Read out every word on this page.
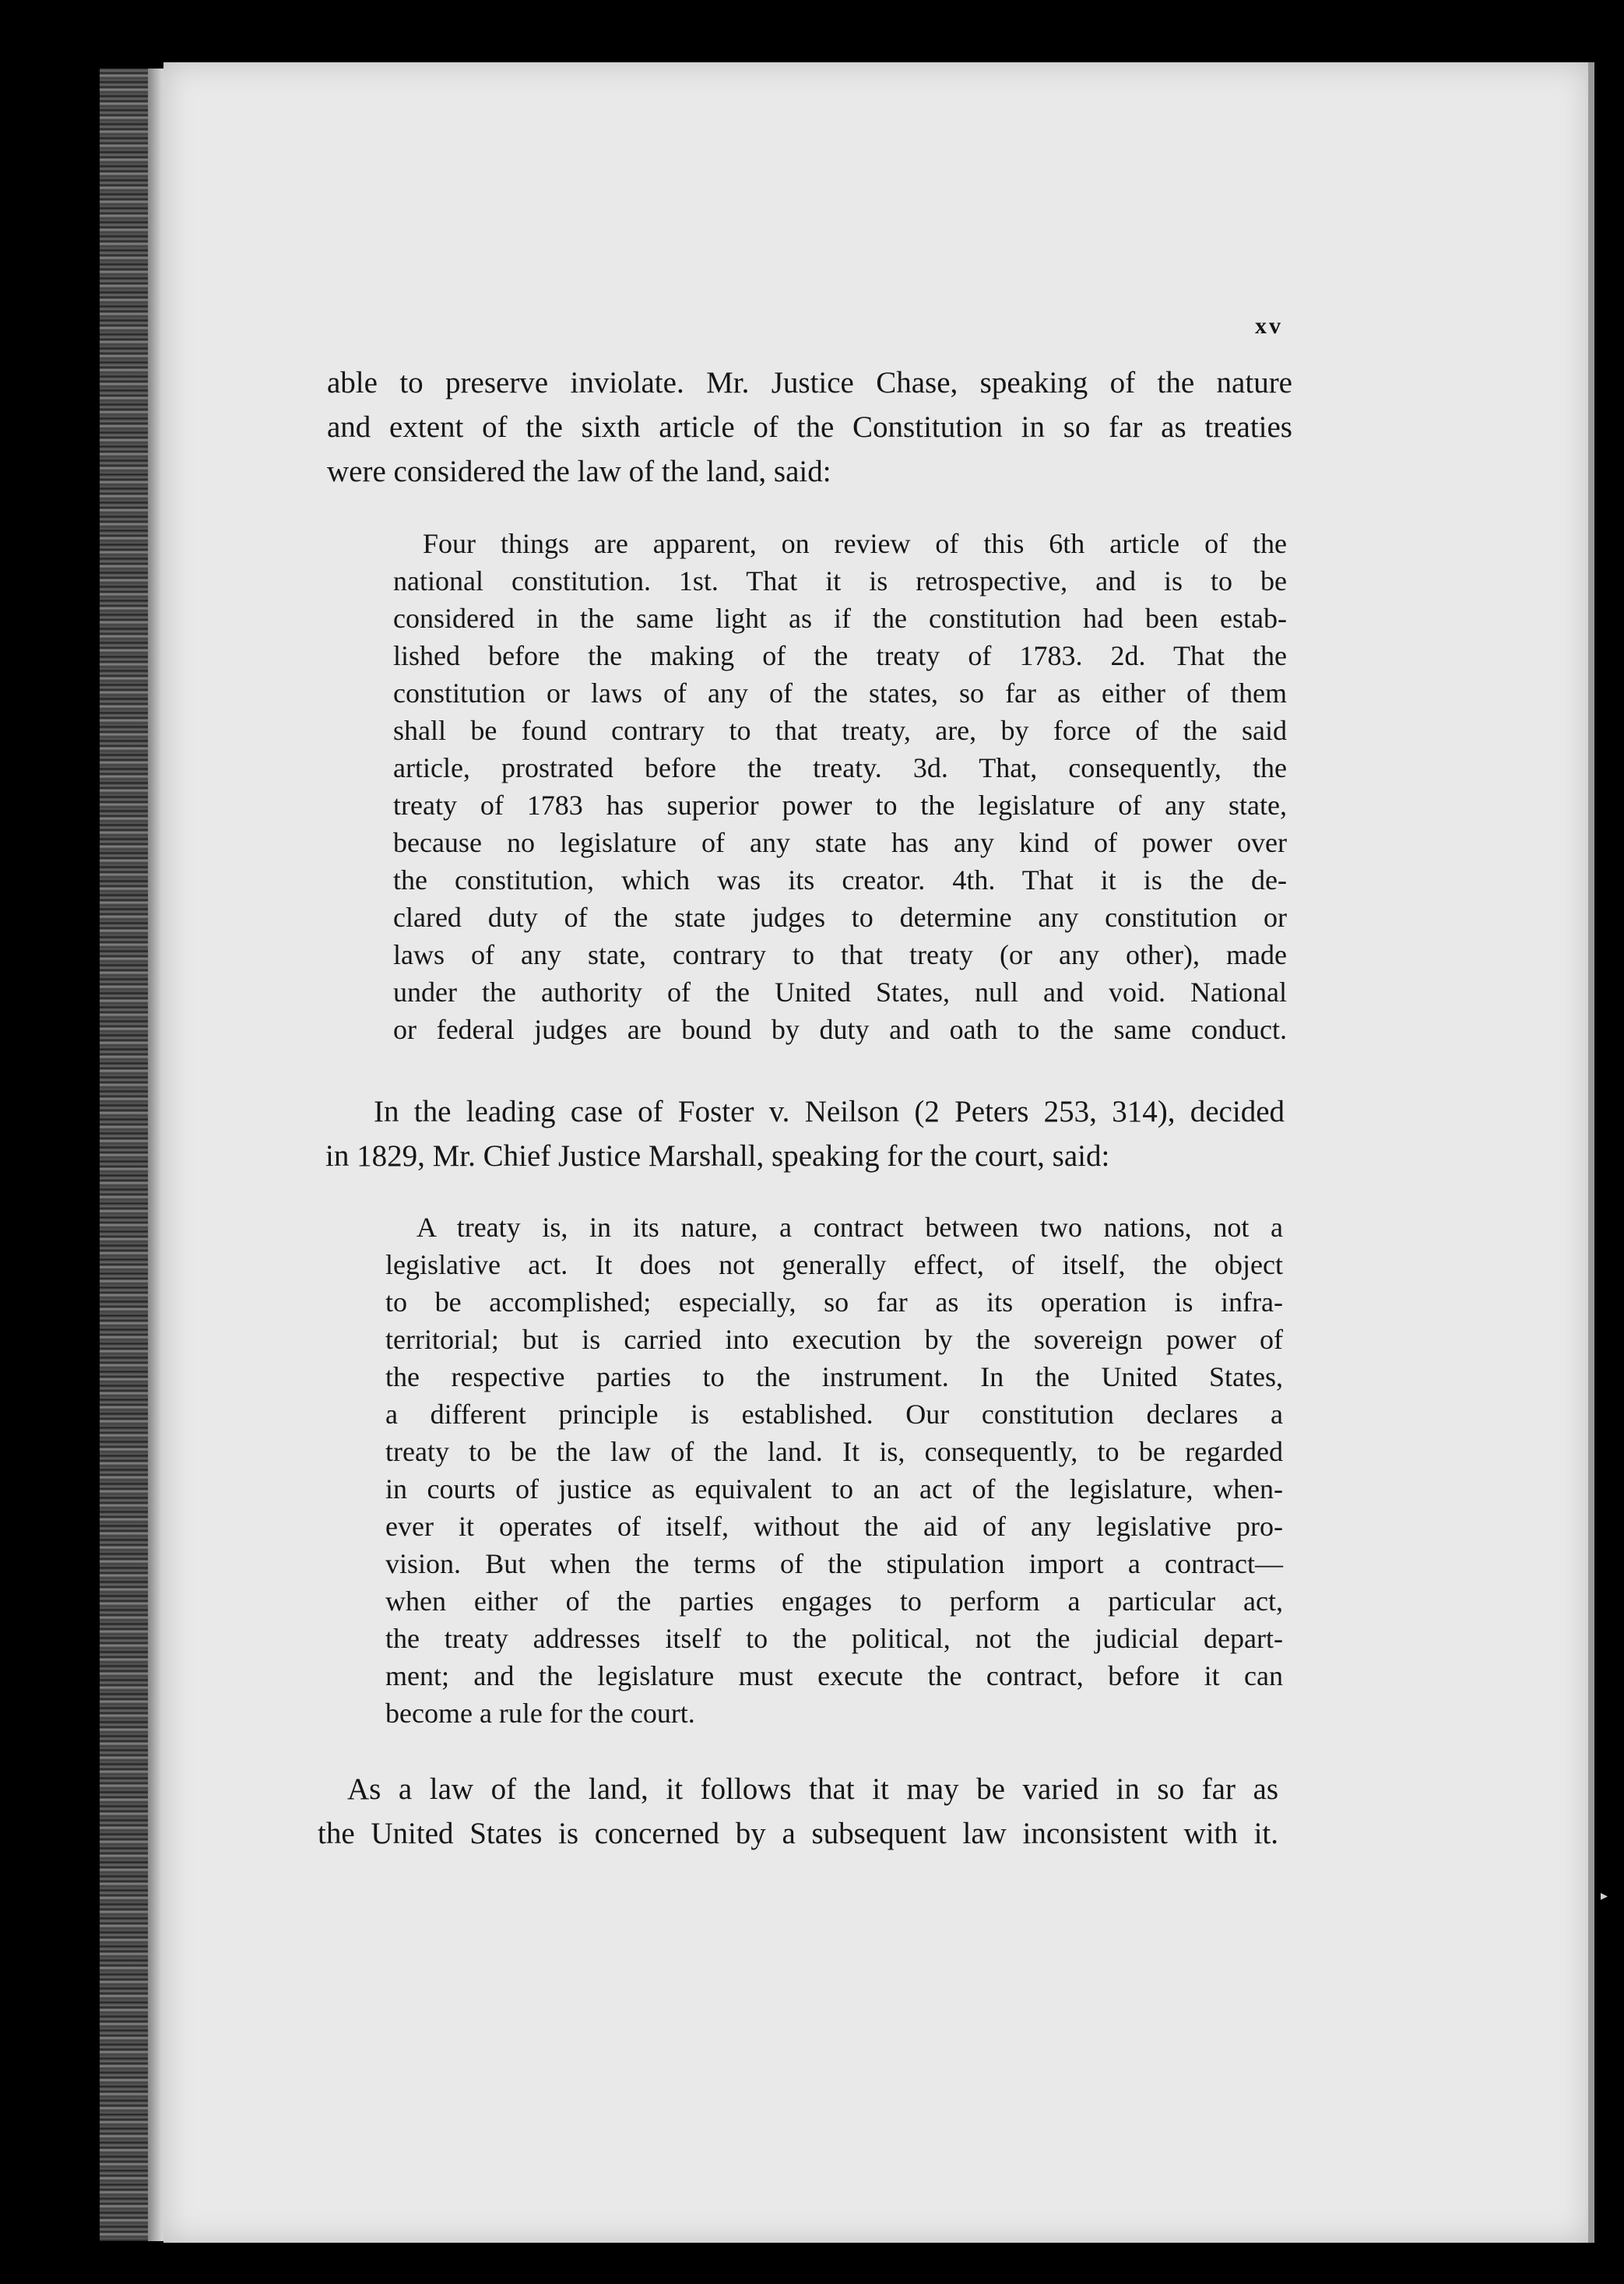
▸
xv
able to preserve inviolate. Mr. Justice Chase, speaking of the nature
and extent of the sixth article of the Constitution in so far as treaties
were considered the law of the land, said:
Four things are apparent, on review of this 6th article of the
national constitution. 1st. That it is retrospective, and is to be
considered in the same light as if the constitution had been estab-
lished before the making of the treaty of 1783. 2d. That the
constitution or laws of any of the states, so far as either of them
shall be found contrary to that treaty, are, by force of the said
article, prostrated before the treaty. 3d. That, consequently, the
treaty of 1783 has superior power to the legislature of any state,
because no legislature of any state has any kind of power over
the constitution, which was its creator. 4th. That it is the de-
clared duty of the state judges to determine any constitution or
laws of any state, contrary to that treaty (or any other), made
under the authority of the United States, null and void. National
or federal judges are bound by duty and oath to the same conduct.
In the leading case of Foster v. Neilson (2 Peters 253, 314), decided
in 1829, Mr. Chief Justice Marshall, speaking for the court, said:
A treaty is, in its nature, a contract between two nations, not a
legislative act. It does not generally effect, of itself, the object
to be accomplished; especially, so far as its operation is infra-
territorial; but is carried into execution by the sovereign power of
the respective parties to the instrument. In the United States,
a different principle is established. Our constitution declares a
treaty to be the law of the land. It is, consequently, to be regarded
in courts of justice as equivalent to an act of the legislature, when-
ever it operates of itself, without the aid of any legislative pro-
vision. But when the terms of the stipulation import a contract—
when either of the parties engages to perform a particular act,
the treaty addresses itself to the political, not the judicial depart-
ment; and the legislature must execute the contract, before it can
become a rule for the court.
As a law of the land, it follows that it may be varied in so far as
the United States is concerned by a subsequent law inconsistent with it.
